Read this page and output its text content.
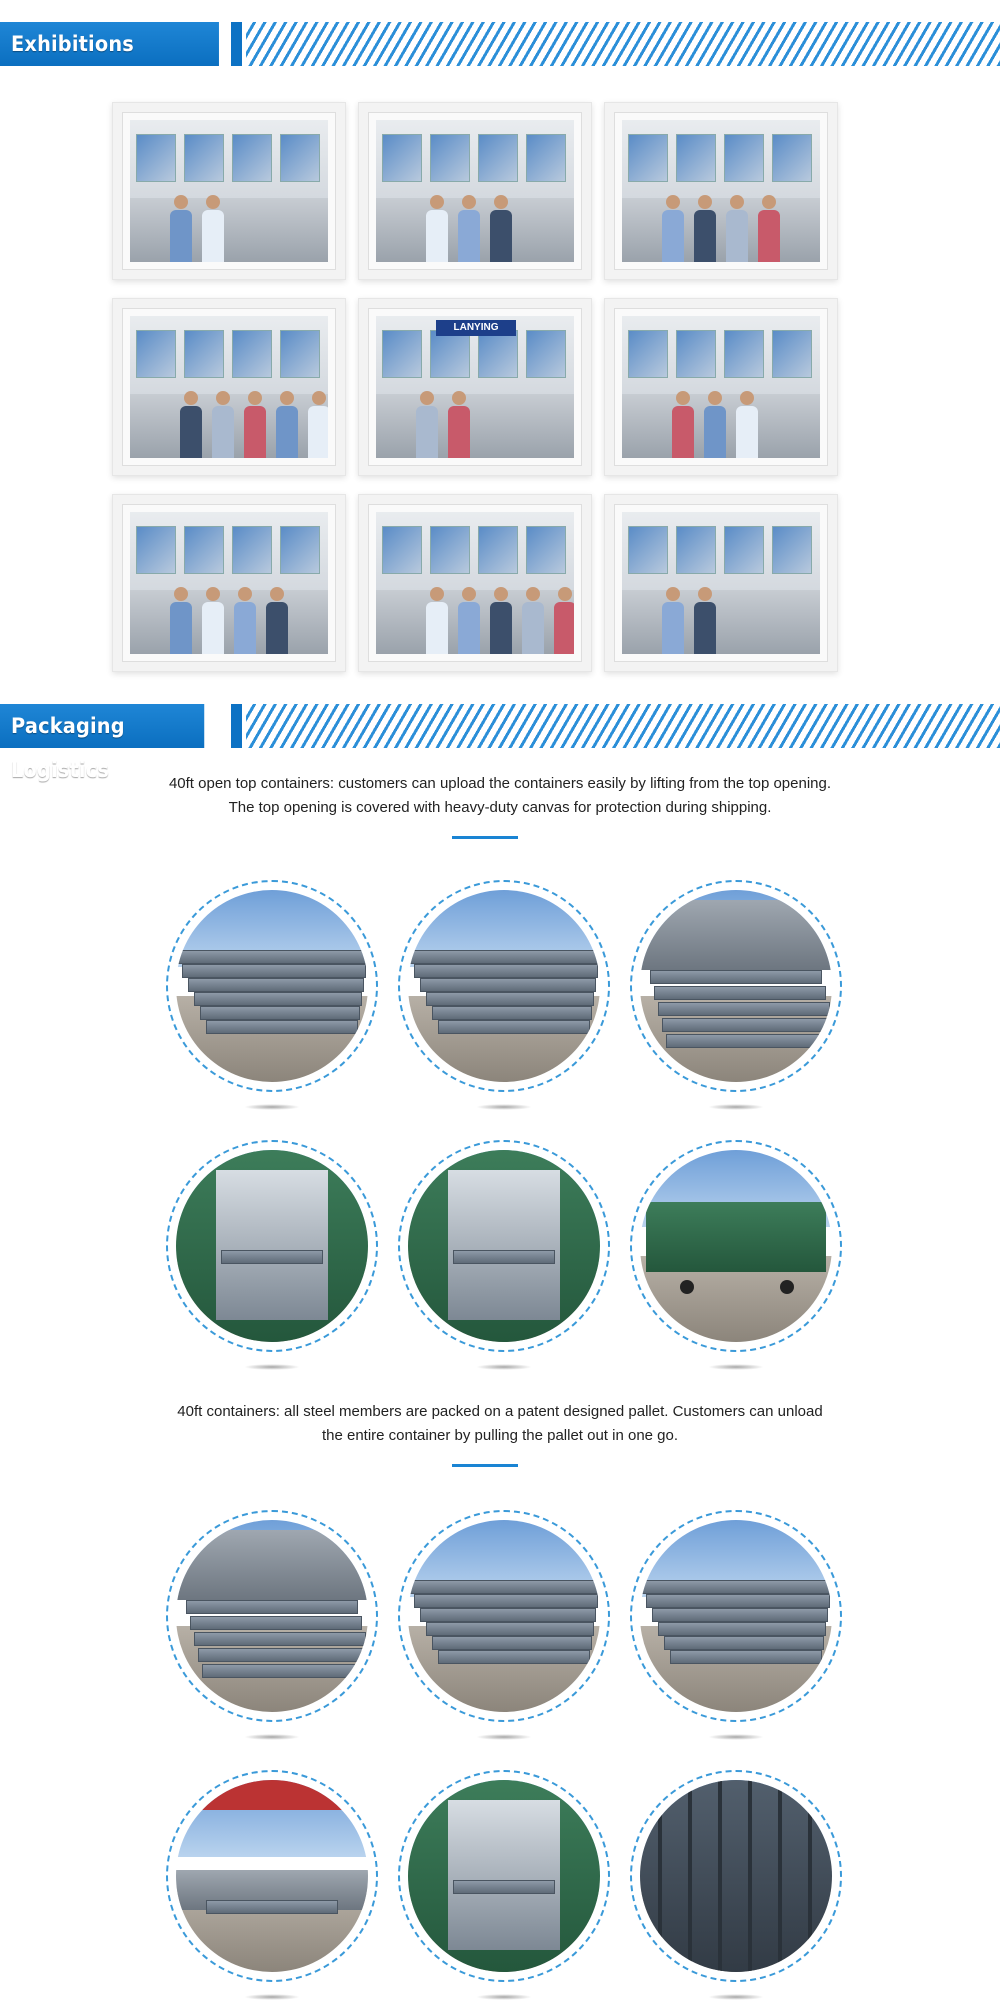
Exhibitions
LANYING
Packaging Logistics
40ft open top containers: customers can upload the containers easily by lifting from the top opening.
The top opening is covered with heavy-duty canvas for protection during shipping.
40ft containers: all steel members are packed on a patent designed pallet. Customers can unload
the entire container by pulling the pallet out in one go.
